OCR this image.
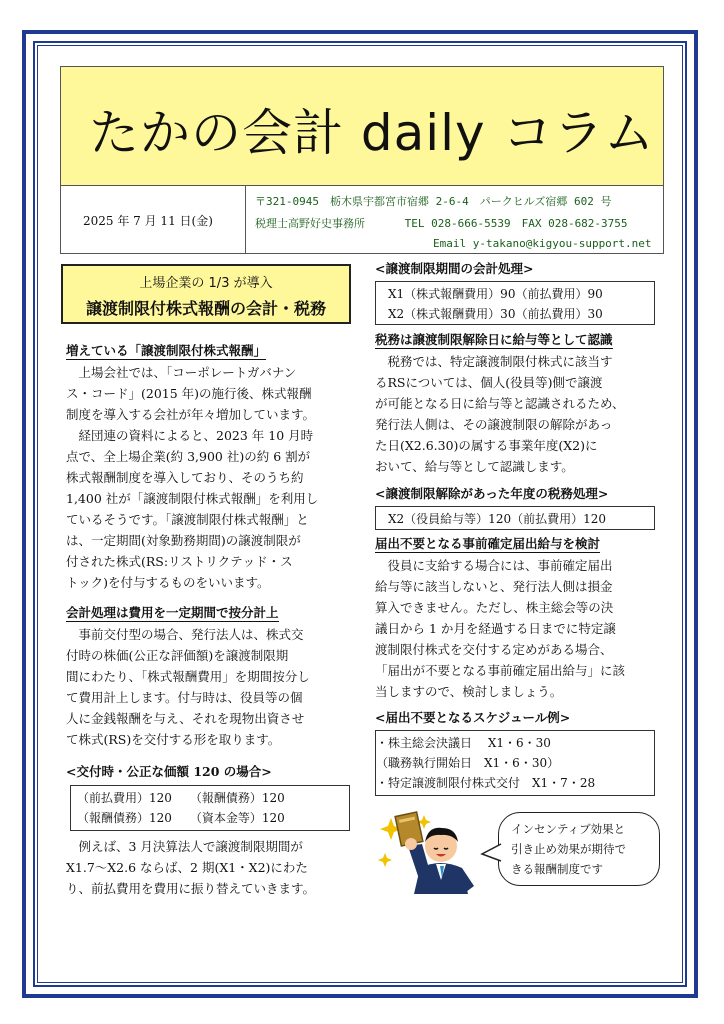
たかの会計 daily コラム
2025 年 7 月 11 日(金)
〒321-0945　栃木県宇都宮市宿郷 2-6-4　パークヒルズ宿郷 602 号
税理士高野好史事務所　　　 TEL 028-666-5539　FAX 028-682-3755
Email y-takano@kigyou-support.net
上場企業の 1/3 が導入
譲渡制限付株式報酬の会計・税務
増えている「譲渡制限付株式報酬」
　上場会社では、「コーポレートガバナン
ス・コード」(2015 年)の施行後、株式報酬
制度を導入する会社が年々増加しています。
　経団連の資料によると、2023 年 10 月時
点で、全上場企業(約 3,900 社)の約 6 割が
株式報酬制度を導入しており、そのうち約
1,400 社が「譲渡制限付株式報酬」を利用し
ているそうです。「譲渡制限付株式報酬」と
は、一定期間(対象勤務期間)の譲渡制限が
付された株式(RS:リストリクテッド・ス
トック)を付与するものをいいます。
会計処理は費用を一定期間で按分計上
　事前交付型の場合、発行法人は、株式交
付時の株価(公正な評価額)を譲渡制限期
間にわたり、「株式報酬費用」を期間按分し
て費用計上します。付与時は、役員等の個
人に金銭報酬を与え、それを現物出資させ
て株式(RS)を交付する形を取ります。
<交付時・公正な価額 120 の場合>
　（前払費用）120　　（報酬債務）120
　（報酬債務）120　　（資本金等）120
　例えば、3 月決算法人で譲渡制限期間が
X1.7～X2.6 ならば、2 期(X1・X2)にわた
り、前払費用を費用に振り替えていきます。
<譲渡制限期間の会計処理>
　X1（株式報酬費用）90（前払費用）90
　X2（株式報酬費用）30（前払費用）30
税務は譲渡制限解除日に給与等として認識
　税務では、特定譲渡制限付株式に該当す
るRSについては、個人(役員等)側で譲渡
が可能となる日に給与等と認識されるため、
発行法人側は、その譲渡制限の解除があっ
た日(X2.6.30)の属する事業年度(X2)に
おいて、給与等として認識します。
<譲渡制限解除があった年度の税務処理>
　X2（役員給与等）120（前払費用）120
届出不要となる事前確定届出給与を検討
　役員に支給する場合には、事前確定届出
給与等に該当しないと、発行法人側は損金
算入できません。ただし、株主総会等の決
議日から 1 か月を経過する日までに特定譲
渡制限付株式を交付する定めがある場合、
「届出が不要となる事前確定届出給与」に該
当しますので、検討しましょう。
<届出不要となるスケジュール例>
・株主総会決議日　 X1・6・30
（職務執行開始日　X1・6・30）
・特定譲渡制限付株式交付　X1・7・28
インセンティブ効果と
引き止め効果が期待で
きる報酬制度です
